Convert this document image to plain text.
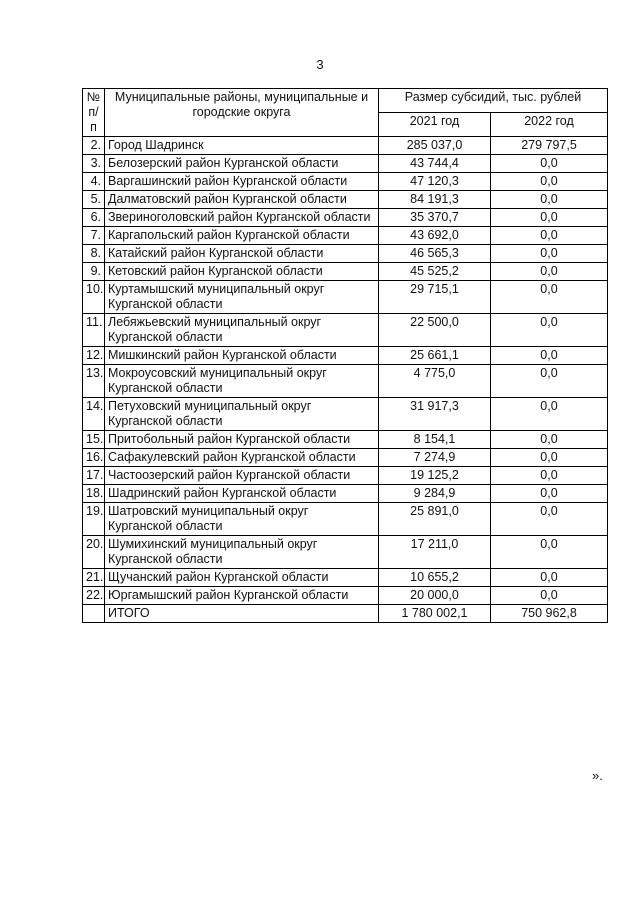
3
№ п/п	Муниципальные районы, муниципальные и городские округа	Размер субсидий, тыс. рублей	
		2021 год	2022 год
2.	Город Шадринск	285 037,0	279 797,5
3.	Белозерский район Курганской области	43 744,4	0,0
4.	Варгашинский район Курганской области	47 120,3	0,0
5.	Далматовский район Курганской области	84 191,3	0,0
6.	Звериноголовский район Курганской области	35 370,7	0,0
7.	Каргапольский район Курганской области	43 692,0	0,0
8.	Катайский район Курганской области	46 565,3	0,0
9.	Кетовский район Курганской области	45 525,2	0,0
10.	Куртамышский муниципальный округ Курганской области	29 715,1	0,0
11.	Лебяжьевский муниципальный округ Курганской области	22 500,0	0,0
12.	Мишкинский район Курганской области	25 661,1	0,0
13.	Мокроусовский муниципальный округ Курганской области	4 775,0	0,0
14.	Петуховский муниципальный округ Курганской области	31 917,3	0,0
15.	Притобольный район Курганской области	8 154,1	0,0
16.	Сафакулевский район Курганской области	7 274,9	0,0
17.	Частоозерский район Курганской области	19 125,2	0,0
18.	Шадринский район Курганской области	9 284,9	0,0
19.	Шатровский муниципальный округ Курганской области	25 891,0	0,0
20.	Шумихинский муниципальный округ Курганской области	17 211,0	0,0
21.	Щучанский район Курганской области	10 655,2	0,0
22.	Юргамышский район Курганской области	20 000,0	0,0
	ИТОГО	1 780 002,1	750 962,8
».
